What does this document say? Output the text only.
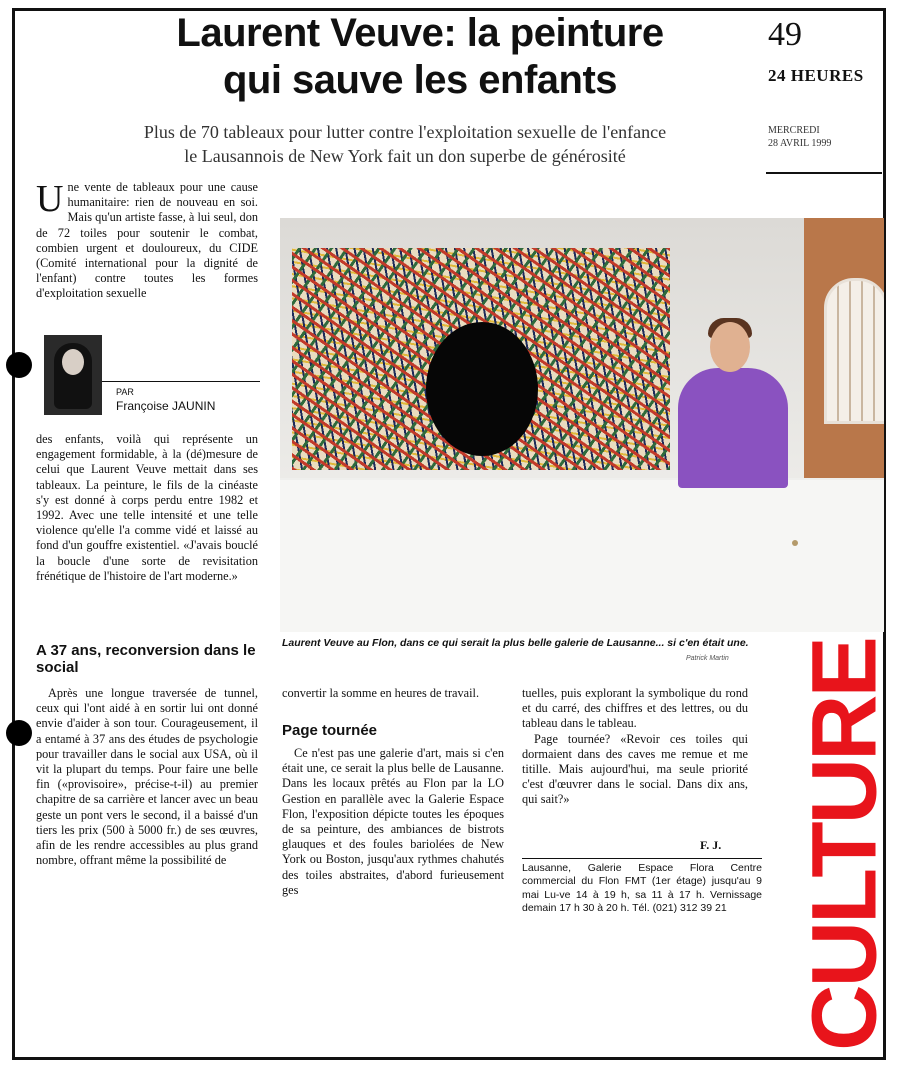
Laurent Veuve: la peinture
qui sauve les enfants
Plus de 70 tableaux pour lutter contre l'exploitation sexuelle de l'enfance
le Lausannois de New York fait un don superbe de générosité
49
24 HEURES
MERCREDI
28 AVRIL 1999

Une vente de tableaux pour une cause humanitaire: rien de nouveau en soi. Mais qu'un artiste fasse, à lui seul, don de 72 toiles pour soutenir le combat, combien urgent et douloureux, du CIDE (Comité international pour la dignité de l'enfant) contre toutes les formes d'exploitation sexuelle

PAR
Françoise JAUNIN

des enfants, voilà qui représente un engagement formidable, à la (dé)mesure de celui que Laurent Veuve mettait dans ses tableaux. La peinture, le fils de la cinéaste s'y est donné à corps perdu entre 1982 et 1992. Avec une telle intensité et une telle violence qu'elle l'a comme vidé et laissé au fond d'un gouffre existentiel. «J'avais bouclé la boucle d'une sorte de revisitation frénétique de l'histoire de l'art moderne.»

A 37 ans, reconversion dans le social

Après une longue traversée de tunnel, ceux qui l'ont aidé à en sortir lui ont donné envie d'aider à son tour. Courageusement, il a entamé à 37 ans des études de psychologie pour travailler dans le social aux USA, où il vit la plupart du temps. Pour faire une belle fin («provisoire», précise-t-il) au premier chapitre de sa carrière et lancer avec un beau geste un pont vers le second, il a baissé d'un tiers les prix (500 à 5000 fr.) de ses œuvres, afin de les rendre accessibles au plus grand nombre, offrant même la possibilité de

Laurent Veuve au Flon, dans ce qui serait la plus belle galerie de Lausanne... si c'en était une.
Patrick Martin

convertir la somme en heures de travail.

Page tournée

Ce n'est pas une galerie d'art, mais si c'en était une, ce serait la plus belle de Lausanne. Dans les locaux prêtés au Flon par la LO Gestion en parallèle avec la Galerie Espace Flon, l'exposition dépicte toutes les époques de sa peinture, des ambiances de bistrots glauques et des foules bariolées de New York ou Boston, jusqu'aux rythmes chahutés des toiles abstraites, d'abord furieusement ges

tuelles, puis explorant la symbolique du rond et du carré, des chiffres et des lettres, ou du tableau dans le tableau.

Page tournée? «Revoir ces toiles qui dormaient dans des caves me remue et me titille. Mais aujourd'hui, ma seule priorité c'est d'œuvrer dans le social. Dans dix ans, qui sait?»

F. J.
Lausanne, Galerie Espace Flora Centre commercial du Flon FMT (1er étage) jusqu'au 9 mai Lu-ve 14 à 19 h, sa 11 à 17 h. Vernissage demain 17 h 30 à 20 h. Tél. (021) 312 39 21 CULTURE
